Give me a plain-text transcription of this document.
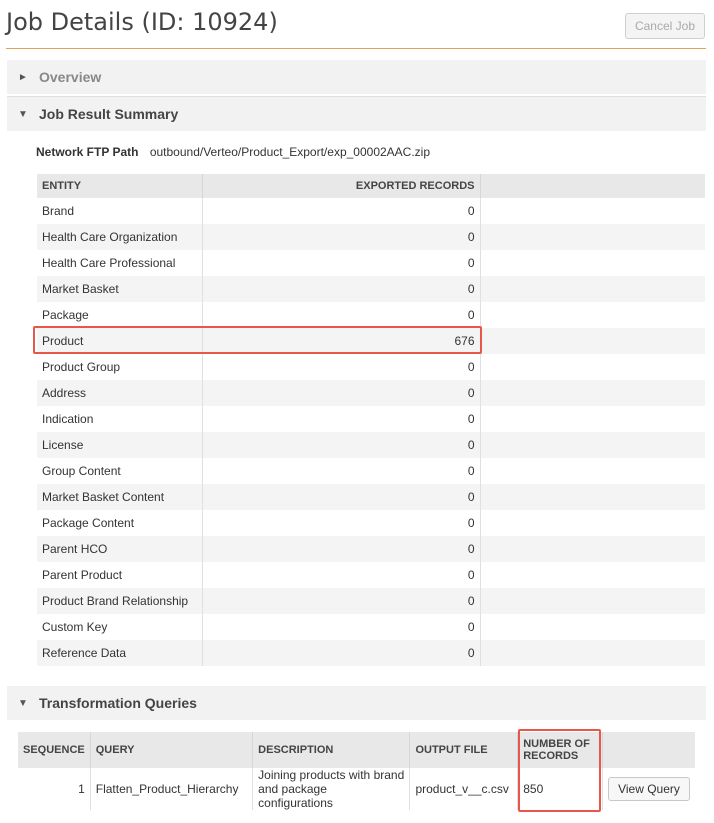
Job Details (ID: 10924)	Cancel Job
► Overview
▼ Job Result Summary
Network FTP Path outbound/Verteo/Product_Export/exp_00002AAC.zip
ENTITY	EXPORTED RECORDS	
Brand	0	
Health Care Organization	0	
Health Care Professional	0	
Market Basket	0	
Package	0	
Product	676	
Product Group	0	
Address	0	
Indication	0	
License	0	
Group Content	0	
Market Basket Content	0	
Package Content	0	
Parent HCO	0	
Parent Product	0	
Product Brand Relationship	0	
Custom Key	0	
Reference Data	0	
▼ Transformation Queries
SEQUENCE	QUERY	DESCRIPTION	OUTPUT FILE	NUMBER OF RECORDS	
1	Flatten_Product_Hierarchy	Joining products with brand and package configurations	product_v__c.csv	850	View Query
